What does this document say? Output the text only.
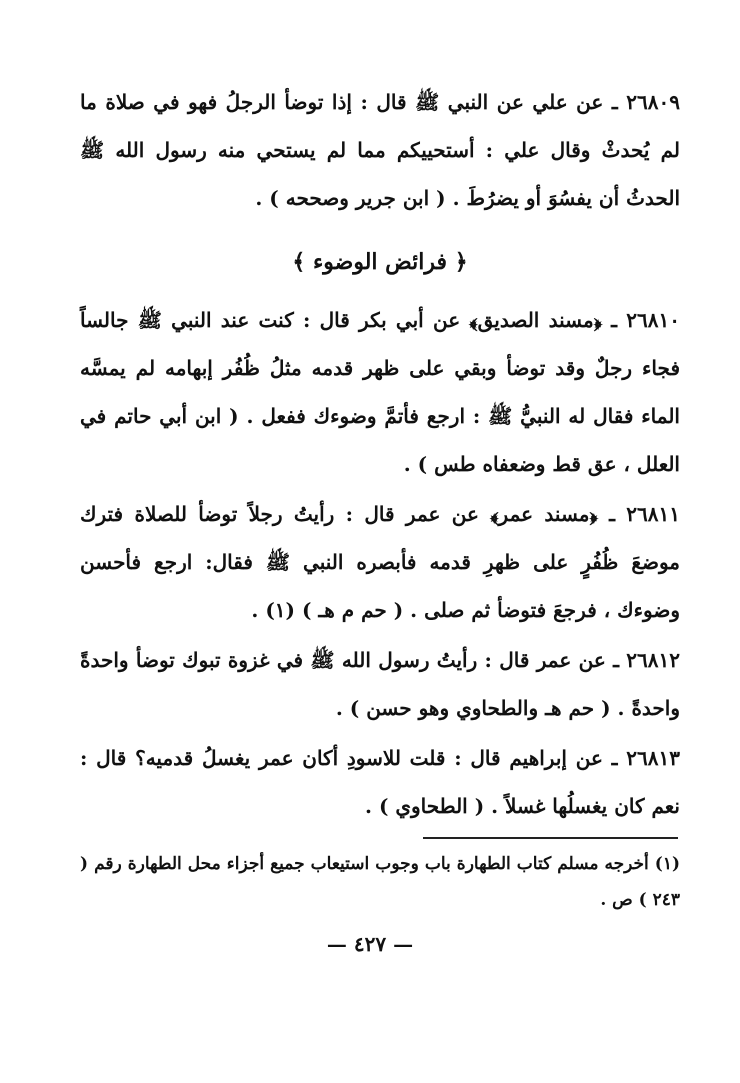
٢٦٨٠٩ ـ عن علي عن النبي ﷺ قال : إذا توضأ الرجلُ فهو في صلاة ما لم يُحدثْ وقال علي : أستحييكم مما لم يستحي منه رسول الله ﷺ الحدثُ أن يفسُوَ أو يضرُطَ . ( ابن جرير وصححه ) .
﴿ فرائض الوضوء ﴾
٢٦٨١٠ ـ ﴿مسند الصديق﴾ عن أبي بكر قال : كنت عند النبي ﷺ جالساً فجاء رجلٌ وقد توضأ وبقي على ظهر قدمه مثلُ ظُفُر إبهامه لم يمسَّه الماء فقال له النبيُّ ﷺ : ارجع فأتمَّ وضوءك ففعل . ( ابن أبي حاتم في العلل ، عق قط وضعفاه طس ) .
٢٦٨١١ ـ ﴿مسند عمر﴾ عن عمر قال : رأيتُ رجلاً توضأ للصلاة فترك موضعَ ظُفُرٍ على ظهرِ قدمه فأبصره النبي ﷺ فقال: ارجع فأحسن وضوءك ، فرجعَ فتوضأ ثم صلى . ( حم م هـ ) (١) .
٢٦٨١٢ ـ عن عمر قال : رأيتُ رسول الله ﷺ في غزوة تبوك توضأ واحدةً واحدةً . ( حم هـ والطحاوي وهو حسن ) .
٢٦٨١٣ ـ عن إبراهيم قال : قلت للاسودِ أكان عمر يغسلُ قدميه؟ قال : نعم كان يغسلُها غسلاً . ( الطحاوي ) .
(١) أخرجه مسلم كتاب الطهارة باب وجوب استيعاب جميع أجزاء محل الطهارة رقم ( ٢٤٣ ) ص .
— ٤٢٧ —
